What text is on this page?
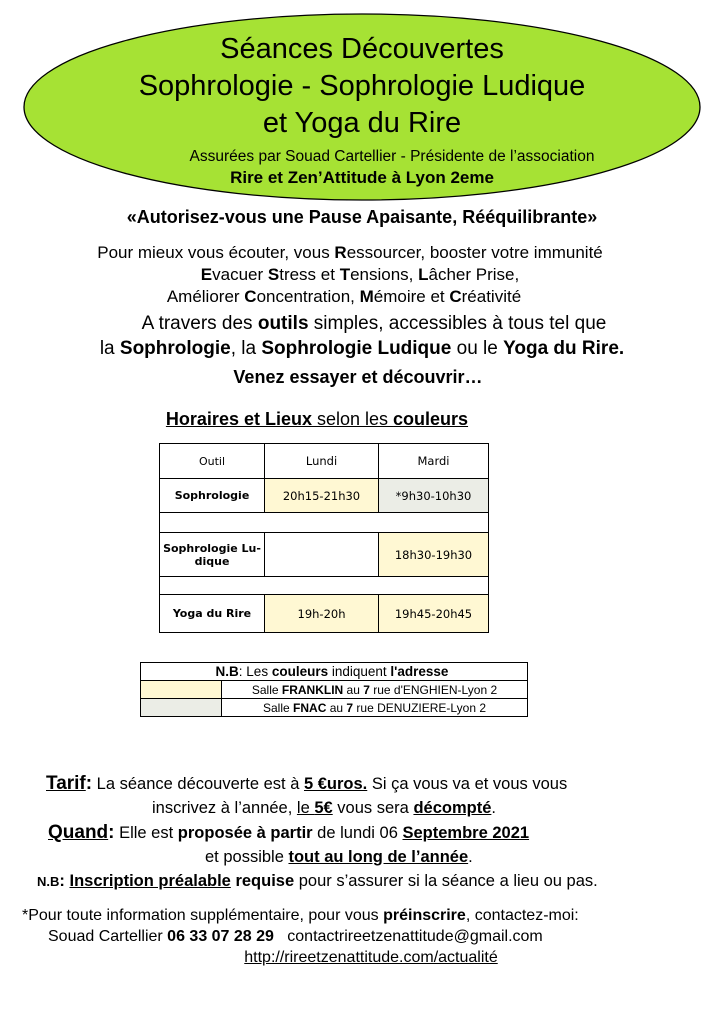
Séances Découvertes
Sophrologie - Sophrologie Ludique
et Yoga du Rire
Assurées par Souad Cartellier - Présidente de l’association
Rire et Zen’Attitude à Lyon 2eme
«Autorisez-vous une Pause Apaisante, Rééquilibrante»
Pour mieux vous écouter, vous Ressourcer, booster votre immunité
Evacuer Stress et Tensions, Lâcher Prise,
Améliorer Concentration, Mémoire et Créativité
A travers des outils simples, accessibles à tous tel que
la Sophrologie, la Sophrologie Ludique ou le Yoga du Rire.
Venez essayer et découvrir…
Horaires et Lieux selon les couleurs
Outil	Lundi	Mardi
Sophrologie	20h15-21h30	*9h30-10h30

Sophrologie Lu-
dique		18h30-19h30

Yoga du Rire	19h-20h	19h45-20h45
N.B: Les couleurs indiquent l'adresse	
	Salle FRANKLIN au 7 rue d'ENGHIEN-Lyon 2
	Salle FNAC au 7 rue DENUZIERE-Lyon 2
Tarif: La séance découverte est à 5 €uros. Si ça vous va et vous vous
inscrivez à l’année, le 5€ vous sera décompté.
Quand: Elle est proposée à partir de lundi 06 Septembre 2021
et possible tout au long de l’année.
N.B: Inscription préalable requise pour s’assurer si la séance a lieu ou pas.
*Pour toute information supplémentaire, pour vous préinscrire, contactez-moi:
Souad Cartellier 06 33 07 28 29   contactrireetzenattitude@gmail.com
http://rireetzenattitude.com/actualité
